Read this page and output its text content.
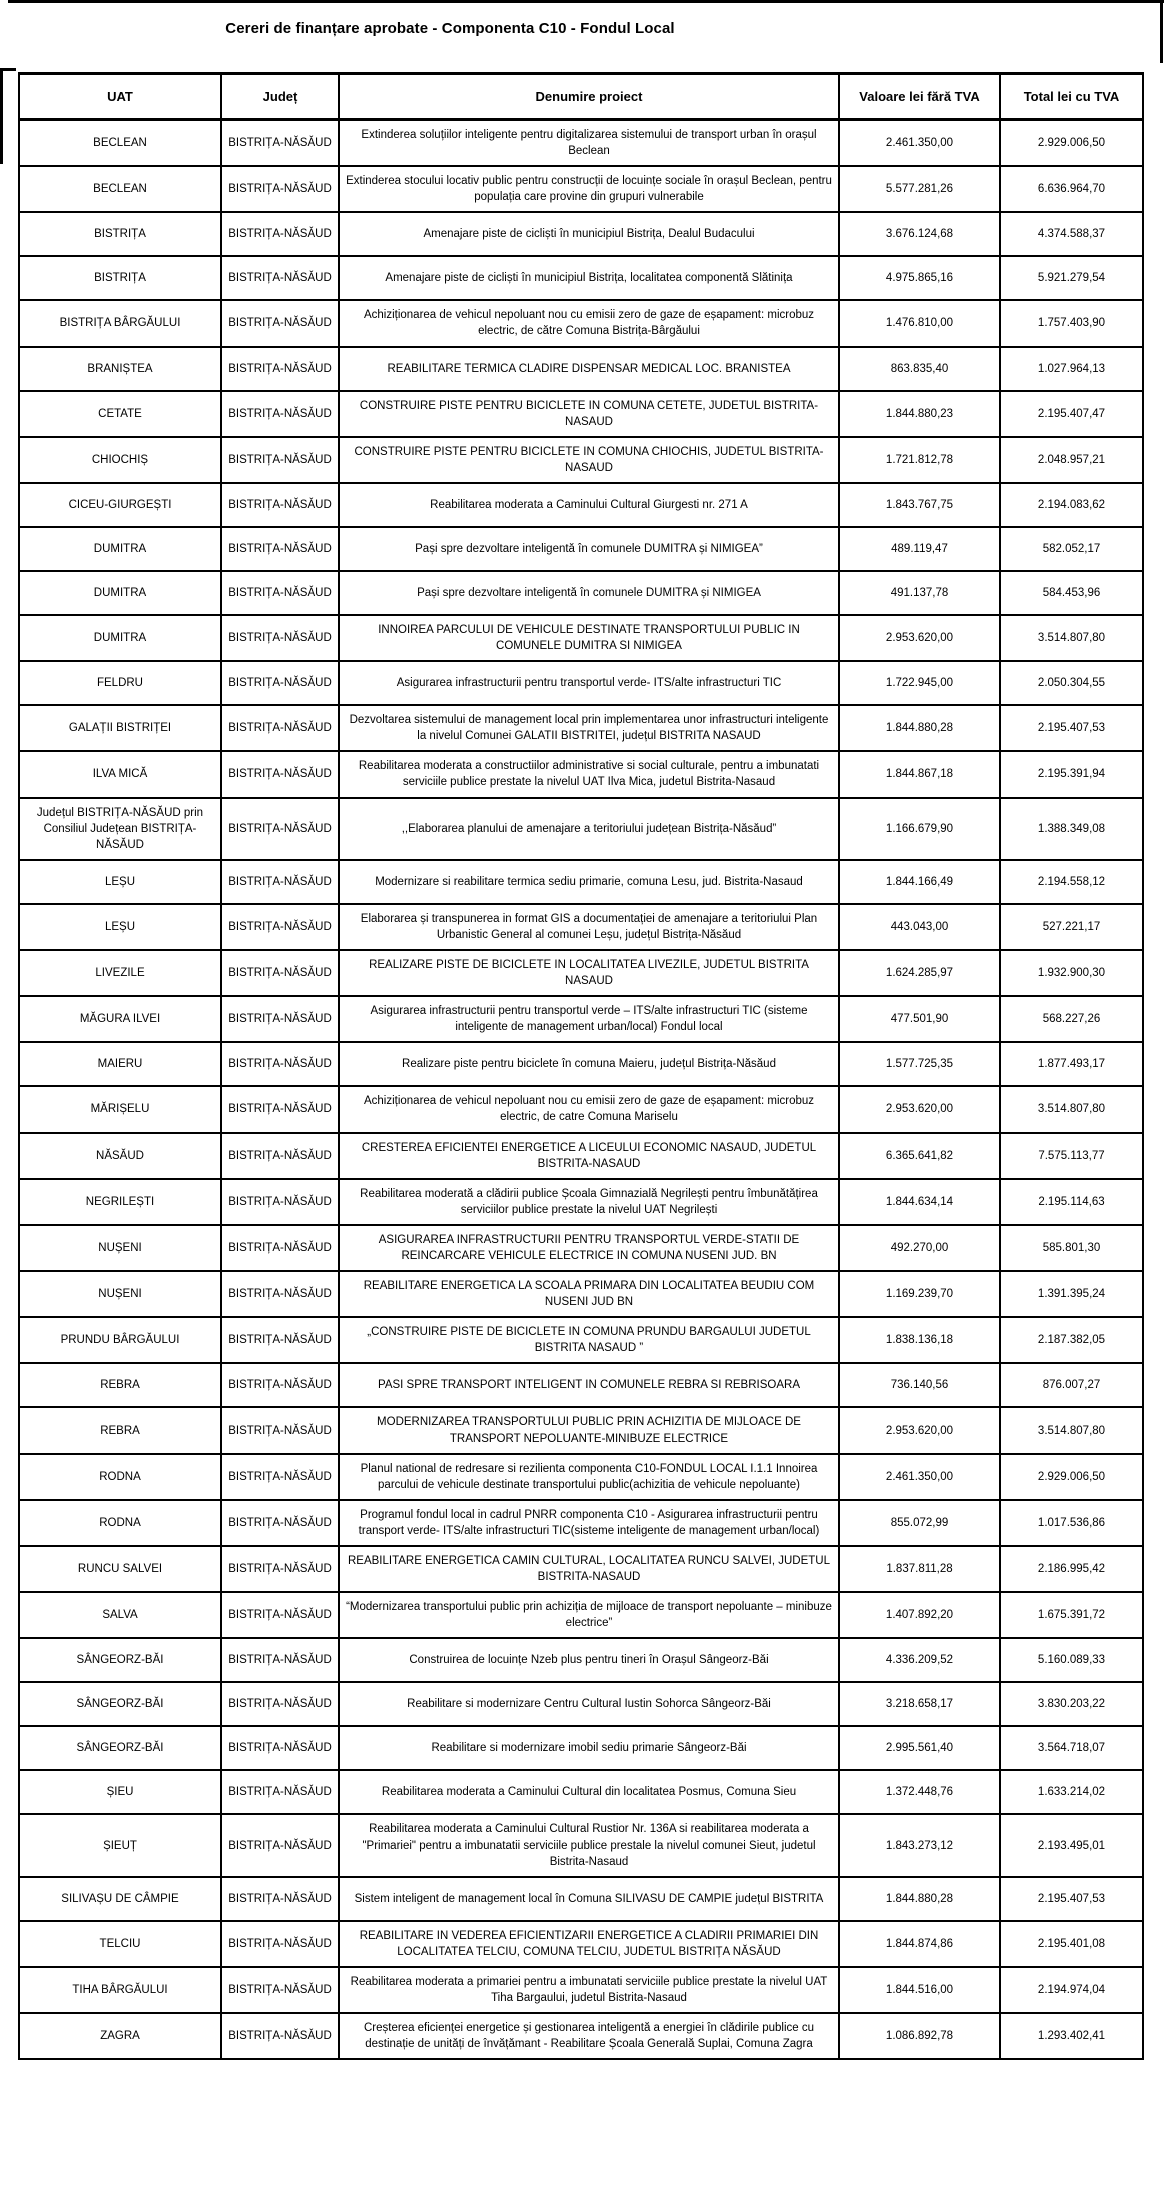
Cereri de finanțare aprobate - Componenta C10 - Fondul Local
UAT	Județ	Denumire proiect	Valoare lei fără TVA	Total lei cu TVA
BECLEAN	BISTRIȚA-NĂSĂUD	Extinderea soluțiilor inteligente pentru digitalizarea sistemului de transport urban în orașul Beclean	2.461.350,00	2.929.006,50
BECLEAN	BISTRIȚA-NĂSĂUD	Extinderea stocului locativ public pentru construcții de locuințe sociale în orașul Beclean, pentru populația care provine din grupuri vulnerabile	5.577.281,26	6.636.964,70
BISTRIȚA	BISTRIȚA-NĂSĂUD	Amenajare piste de cicliști în municipiul Bistrița, Dealul Budacului	3.676.124,68	4.374.588,37
BISTRIȚA	BISTRIȚA-NĂSĂUD	Amenajare piste de cicliști în municipiul Bistrița, localitatea componentă Slătinița	4.975.865,16	5.921.279,54
BISTRIȚA BÂRGĂULUI	BISTRIȚA-NĂSĂUD	Achiziționarea de vehicul nepoluant nou cu emisii zero de gaze de eșapament: microbuz electric, de către Comuna Bistrița-Bârgăului	1.476.810,00	1.757.403,90
BRANIȘTEA	BISTRIȚA-NĂSĂUD	REABILITARE TERMICA CLADIRE DISPENSAR MEDICAL LOC. BRANISTEA	863.835,40	1.027.964,13
CETATE	BISTRIȚA-NĂSĂUD	CONSTRUIRE PISTE PENTRU BICICLETE IN COMUNA CETETE, JUDETUL BISTRITA-NASAUD	1.844.880,23	2.195.407,47
CHIOCHIȘ	BISTRIȚA-NĂSĂUD	CONSTRUIRE PISTE PENTRU BICICLETE IN COMUNA CHIOCHIS, JUDETUL BISTRITA- NASAUD	1.721.812,78	2.048.957,21
CICEU-GIURGEȘTI	BISTRIȚA-NĂSĂUD	Reabilitarea moderata a Caminului Cultural Giurgesti nr. 271 A	1.843.767,75	2.194.083,62
DUMITRA	BISTRIȚA-NĂSĂUD	Pași spre dezvoltare inteligentă în comunele DUMITRA și NIMIGEA”	489.119,47	582.052,17
DUMITRA	BISTRIȚA-NĂSĂUD	Pași spre dezvoltare inteligentă în comunele DUMITRA și NIMIGEA	491.137,78	584.453,96
DUMITRA	BISTRIȚA-NĂSĂUD	INNOIREA PARCULUI DE VEHICULE DESTINATE TRANSPORTULUI PUBLIC IN COMUNELE DUMITRA SI NIMIGEA	2.953.620,00	3.514.807,80
FELDRU	BISTRIȚA-NĂSĂUD	Asigurarea infrastructurii pentru transportul verde- ITS/alte infrastructuri TIC	1.722.945,00	2.050.304,55
GALAȚII BISTRIȚEI	BISTRIȚA-NĂSĂUD	Dezvoltarea sistemului de management local prin implementarea unor infrastructuri inteligente la nivelul Comunei GALATII BISTRITEI, județul BISTRITA NASAUD	1.844.880,28	2.195.407,53
ILVA MICĂ	BISTRIȚA-NĂSĂUD	Reabilitarea moderata a constructiilor administrative si social culturale, pentru a imbunatati serviciile publice prestate la nivelul UAT Ilva Mica, judetul Bistrita-Nasaud	1.844.867,18	2.195.391,94
Județul BISTRIȚA-NĂSĂUD prin Consiliul Județean BISTRIȚA-NĂSĂUD	BISTRIȚA-NĂSĂUD	,,Elaborarea planului de amenajare a teritoriului județean Bistrița-Năsăud”	1.166.679,90	1.388.349,08
LEȘU	BISTRIȚA-NĂSĂUD	Modernizare si reabilitare termica sediu primarie, comuna Lesu, jud. Bistrita-Nasaud	1.844.166,49	2.194.558,12
LEȘU	BISTRIȚA-NĂSĂUD	Elaborarea și transpunerea in format GIS a documentației de amenajare a teritoriului Plan Urbanistic General al comunei Leșu, județul Bistrița-Năsăud	443.043,00	527.221,17
LIVEZILE	BISTRIȚA-NĂSĂUD	REALIZARE PISTE DE BICICLETE IN LOCALITATEA LIVEZILE, JUDETUL BISTRITA NASAUD	1.624.285,97	1.932.900,30
MĂGURA ILVEI	BISTRIȚA-NĂSĂUD	Asigurarea infrastructurii pentru transportul verde – ITS/alte infrastructuri TIC (sisteme inteligente de management urban/local) Fondul local	477.501,90	568.227,26
MAIERU	BISTRIȚA-NĂSĂUD	Realizare piste pentru biciclete în comuna Maieru, județul Bistrița-Năsăud	1.577.725,35	1.877.493,17
MĂRIȘELU	BISTRIȚA-NĂSĂUD	Achiziționarea de vehicul nepoluant nou cu emisii zero de gaze de eșapament: microbuz electric, de catre Comuna Mariselu	2.953.620,00	3.514.807,80
NĂSĂUD	BISTRIȚA-NĂSĂUD	CRESTEREA EFICIENTEI ENERGETICE A LICEULUI ECONOMIC NASAUD, JUDETUL BISTRITA-NASAUD	6.365.641,82	7.575.113,77
NEGRILEȘTI	BISTRIȚA-NĂSĂUD	Reabilitarea moderată a clădirii publice Școala Gimnazială Negrilești pentru îmbunătățirea serviciilor publice prestate la nivelul UAT Negrilești	1.844.634,14	2.195.114,63
NUȘENI	BISTRIȚA-NĂSĂUD	ASIGURAREA INFRASTRUCTURII PENTRU TRANSPORTUL VERDE-STATII DE REINCARCARE VEHICULE ELECTRICE IN COMUNA NUSENI JUD. BN	492.270,00	585.801,30
NUȘENI	BISTRIȚA-NĂSĂUD	REABILITARE ENERGETICA LA SCOALA PRIMARA DIN LOCALITATEA BEUDIU COM NUSENI JUD BN	1.169.239,70	1.391.395,24
PRUNDU BÂRGĂULUI	BISTRIȚA-NĂSĂUD	„CONSTRUIRE PISTE DE BICICLETE IN COMUNA PRUNDU BARGAULUI JUDETUL BISTRITA NASAUD ”	1.838.136,18	2.187.382,05
REBRA	BISTRIȚA-NĂSĂUD	PASI SPRE TRANSPORT INTELIGENT IN COMUNELE REBRA SI REBRISOARA	736.140,56	876.007,27
REBRA	BISTRIȚA-NĂSĂUD	MODERNIZAREA TRANSPORTULUI PUBLIC PRIN ACHIZITIA DE MIJLOACE DE TRANSPORT NEPOLUANTE-MINIBUZE ELECTRICE	2.953.620,00	3.514.807,80
RODNA	BISTRIȚA-NĂSĂUD	Planul national de redresare si rezilienta componenta C10-FONDUL LOCAL I.1.1 Innoirea parcului de vehicule destinate transportului public(achizitia de vehicule nepoluante)	2.461.350,00	2.929.006,50
RODNA	BISTRIȚA-NĂSĂUD	Programul fondul local in cadrul PNRR componenta C10 - Asigurarea infrastructurii pentru transport verde- ITS/alte infrastructuri TIC(sisteme inteligente de management urban/local)	855.072,99	1.017.536,86
RUNCU SALVEI	BISTRIȚA-NĂSĂUD	REABILITARE ENERGETICA CAMIN CULTURAL, LOCALITATEA RUNCU SALVEI, JUDETUL BISTRITA-NASAUD	1.837.811,28	2.186.995,42
SALVA	BISTRIȚA-NĂSĂUD	“Modernizarea transportului public prin achiziția de mijloace de transport nepoluante – minibuze electrice”	1.407.892,20	1.675.391,72
SÂNGEORZ-BĂI	BISTRIȚA-NĂSĂUD	Construirea de locuințe Nzeb plus pentru tineri în Orașul Sângeorz-Băi	4.336.209,52	5.160.089,33
SÂNGEORZ-BĂI	BISTRIȚA-NĂSĂUD	Reabilitare si modernizare Centru Cultural Iustin Sohorca Sângeorz-Băi	3.218.658,17	3.830.203,22
SÂNGEORZ-BĂI	BISTRIȚA-NĂSĂUD	Reabilitare si modernizare imobil sediu primarie Sângeorz-Băi	2.995.561,40	3.564.718,07
ȘIEU	BISTRIȚA-NĂSĂUD	Reabilitarea moderata a Caminului Cultural din localitatea Posmus, Comuna Sieu	1.372.448,76	1.633.214,02
ȘIEUȚ	BISTRIȚA-NĂSĂUD	Reabilitarea moderata a Caminului Cultural Rustior Nr. 136A si reabilitarea moderata a "Primariei" pentru a imbunatatii serviciile publice prestale la nivelul comunei Sieut, judetul Bistrita-Nasaud	1.843.273,12	2.193.495,01
SILIVAȘU DE CÂMPIE	BISTRIȚA-NĂSĂUD	Sistem inteligent de management local în Comuna SILIVASU DE CAMPIE județul BISTRITA	1.844.880,28	2.195.407,53
TELCIU	BISTRIȚA-NĂSĂUD	REABILITARE IN VEDEREA EFICIENTIZARII ENERGETICE A CLADIRII PRIMARIEI DIN LOCALITATEA TELCIU, COMUNA TELCIU, JUDETUL BISTRIȚA NĂSĂUD	1.844.874,86	2.195.401,08
TIHA BÂRGĂULUI	BISTRIȚA-NĂSĂUD	Reabilitarea moderata a primariei pentru a imbunatati serviciile publice prestate la nivelul UAT Tiha Bargaului, judetul Bistrita-Nasaud	1.844.516,00	2.194.974,04
ZAGRA	BISTRIȚA-NĂSĂUD	Creșterea eficienței energetice și gestionarea inteligentă a energiei în clădirile publice cu destinație de unități de învățămant - Reabilitare Școala Generală Suplai, Comuna Zagra	1.086.892,78	1.293.402,41
